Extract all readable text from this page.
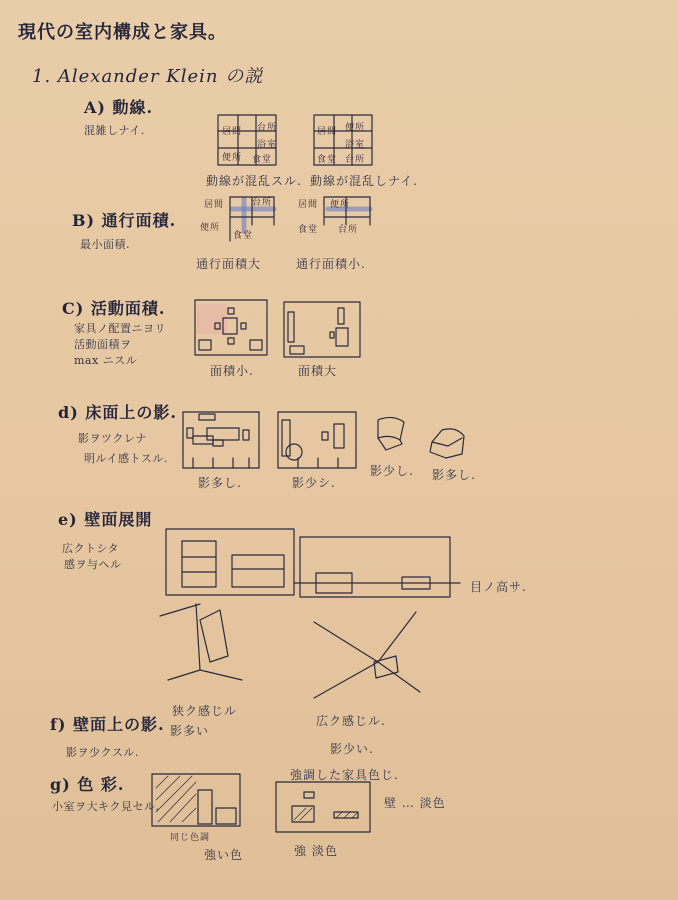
現代の室内構成と家具。
1. Alexander Klein の説
A) 動線.
混雑しナイ.	居間 台所
浴室
便所 食堂
居間 便所
浴室
食堂 台所
動線が混乱スル. 動線が混乱しナイ.
B) 通行面積.
最小面積.
居間	台所
便所
食堂
居間 便所
食堂 台所
通行面積大	通行面積小.
C) 活動面積.
家具ノ配置ニヨリ
活動面積ヲ
max ニスル
面積小.	面積大
d) 床面上の影.
影ヲツクレナ
明ルイ感トスル.
影多し.	影少シ.
影少し. 影多し.
e) 壁面展開
広クトシタ
感ヲ与ヘル
目ノ高サ.
狭ク感じル
広ク感じル.
f) 壁面上の影. 影多い
影ヲ少クスル.	影少い.
g) 色 彩.
小室ヲ大キク見セル.
同じ色調
強い色
強調した家具色じ.
壁 … 淡色
強 淡色
